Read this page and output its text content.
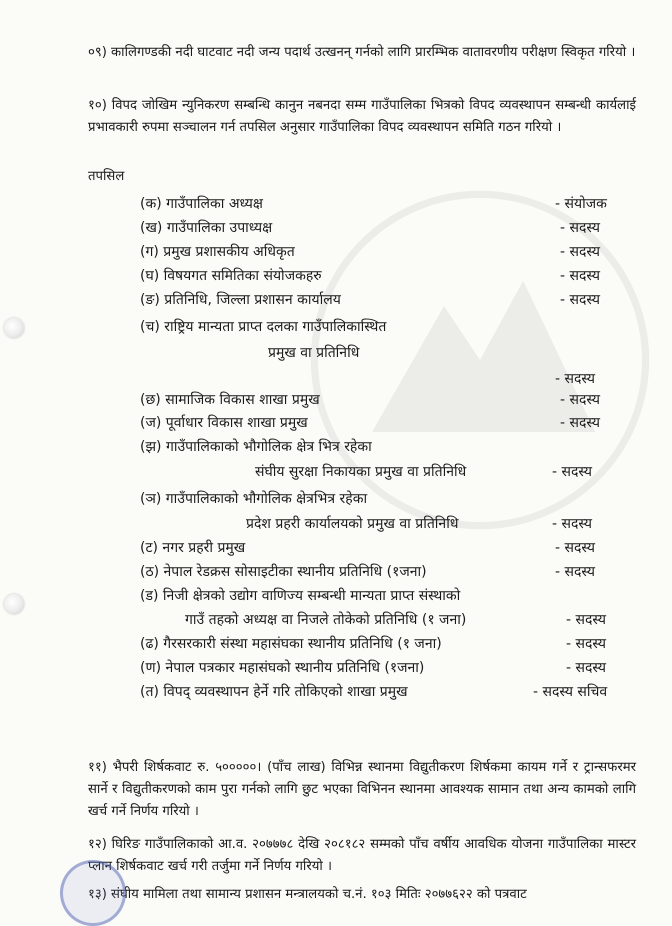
०९) कालिगण्डकी नदी घाटवाट नदी जन्य पदार्थ उत्खनन् गर्नको लागि प्रारम्भिक वातावरणीय परीक्षण स्विकृत गरियो ।

१०) विपद जोखिम न्युनिकरण सम्बन्धि कानुन नबनदा सम्म गाउँपालिका भित्रको विपद व्यवस्थापन सम्बन्धी कार्यलाई प्रभावकारी रुपमा सञ्चालन गर्न तपसिल अनुसार गाउँपालिका विपद व्यवस्थापन समिति गठन गरियो ।

तपसिल

(क) गाउँपालिका अध्यक्ष	- संयोजक
(ख) गाउँपालिका उपाध्यक्ष	- सदस्य
(ग) प्रमुख प्रशासकीय अधिकृत	- सदस्य
(घ) विषयगत समितिका संयोजकहरु	- सदस्य
(ङ) प्रतिनिधि, जिल्ला प्रशासन कार्यालय	- सदस्य
(च) राष्ट्रिय मान्यता प्राप्त दलका गाउँपालिकास्थित
प्रमुख वा प्रतिनिधि
- सदस्य
(छ) सामाजिक विकास शाखा प्रमुख	- सदस्य
(ज) पूर्वाधार विकास शाखा प्रमुख	- सदस्य
(झ) गाउँपालिकाको भौगोलिक क्षेत्र भित्र रहेका
संघीय सुरक्षा निकायका प्रमुख वा प्रतिनिधि	- सदस्य
(ञ) गाउँपालिकाको भौगोलिक क्षेत्रभित्र रहेका
प्रदेश प्रहरी कार्यालयको प्रमुख वा प्रतिनिधि	- सदस्य
(ट) नगर प्रहरी प्रमुख	- सदस्य
(ठ) नेपाल रेडक्रस सोसाइटीका स्थानीय प्रतिनिधि (१जना)	- सदस्य
(ड) निजी क्षेत्रको उद्योग वाणिज्य सम्बन्धी मान्यता प्राप्त संस्थाको
गाउँ तहको अध्यक्ष वा निजले तोकेको प्रतिनिधि (१ जना)	- सदस्य
(ढ) गैरसरकारी संस्था महासंघका स्थानीय प्रतिनिधि (१ जना)	- सदस्य
(ण) नेपाल पत्रकार महासंघको स्थानीय प्रतिनिधि (१जना)	- सदस्य
(त) विपद् व्यवस्थापन हेर्ने गरि तोकिएको शाखा प्रमुख	- सदस्य सचिव

११) भैपरी शिर्षकवाट रु. ५०००००। (पाँच लाख) विभिन्न स्थानमा विद्युतीकरण शिर्षकमा कायम गर्ने र ट्रान्सफरमर सार्ने र विद्युतीकरणको काम पुरा गर्नको लागि छुट भएका विभिनन स्थानमा आवश्यक सामान तथा अन्य कामको लागि खर्च गर्ने निर्णय गरियो ।

१२) घिरिङ गाउँपालिकाको आ.व. २०७७७८ देखि २०८१८२ सम्मको पाँच वर्षीय आवधिक योजना गाउँपालिका मास्टर प्लान शिर्षकवाट खर्च गरी तर्जुमा गर्ने निर्णय गरियो ।

१३) संघीय मामिला तथा सामान्य प्रशासन मन्त्रालयको च.नं. १०३ मितिः २०७७६२२ को पत्रवाट
